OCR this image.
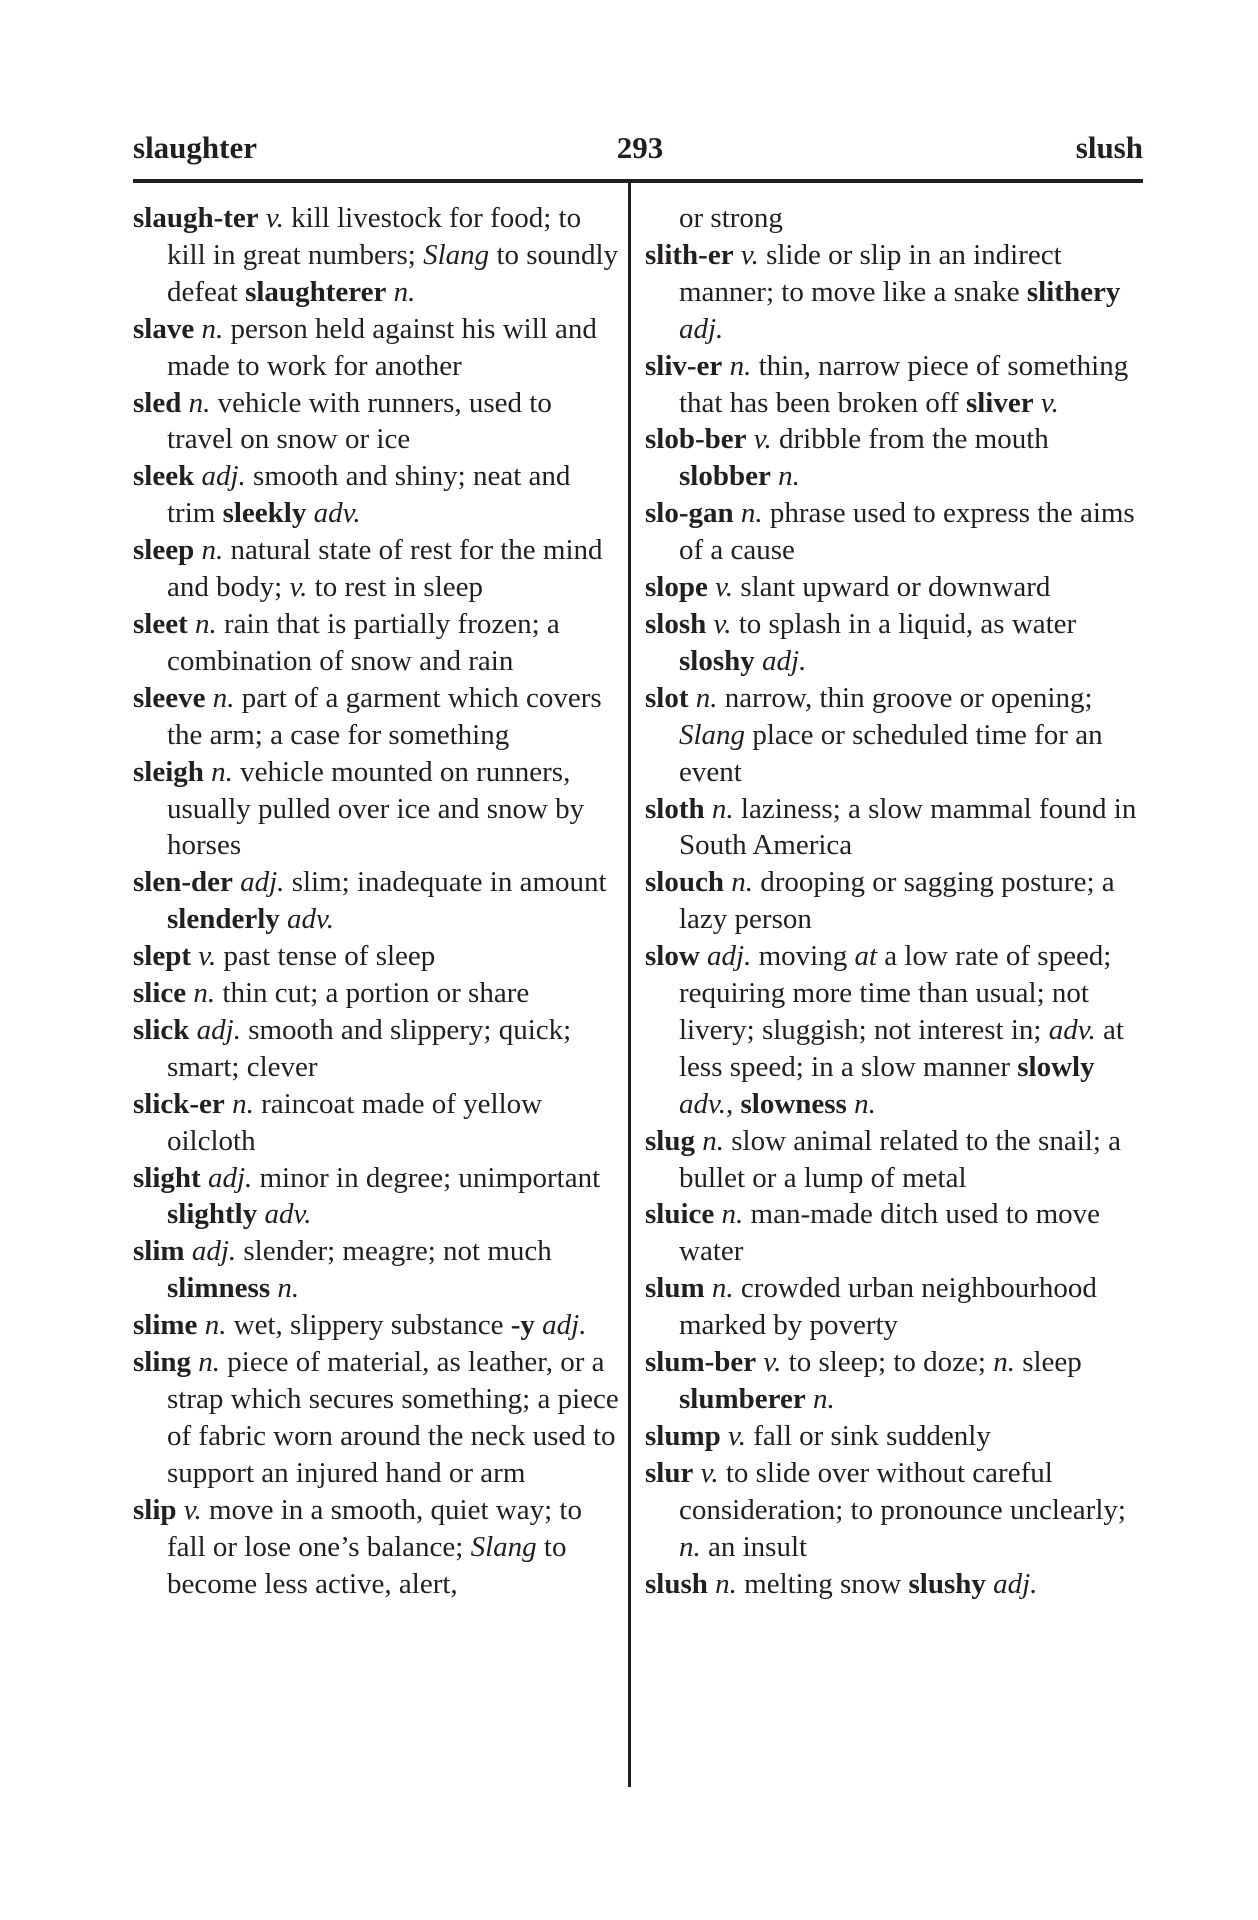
slaughter	293	slush

slaugh-ter v. kill livestock for food; to kill in great numbers; Slang to soundly defeat slaughterer n.

slave n. person held against his will and made to work for another

sled n. vehicle with runners, used to travel on snow or ice

sleek adj. smooth and shiny; neat and trim sleekly adv.

sleep n. natural state of rest for the mind and body; v. to rest in sleep

sleet n. rain that is partially frozen; a combination of snow and rain

sleeve n. part of a garment which covers the arm; a case for something

sleigh n. vehicle mounted on runners, usually pulled over ice and snow by horses

slen-der adj. slim; inadequate in amount slenderly adv.

slept v. past tense of sleep

slice n. thin cut; a portion or share

slick adj. smooth and slippery; quick; smart; clever

slick-er n. raincoat made of yellow oilcloth

slight adj. minor in degree; unimportant slightly adv.

slim adj. slender; meagre; not much slimness n.

slime n. wet, slippery substance -y adj.

sling n. piece of material, as leather, or a strap which secures something; a piece of fabric worn around the neck used to support an injured hand or arm

slip v. move in a smooth, quiet way; to fall or lose one’s balance; Slang to become less active, alert,

or strong

slith-er v. slide or slip in an indirect manner; to move like a snake slithery adj.

sliv-er n. thin, narrow piece of something that has been broken off sliver v.

slob-ber v. dribble from the mouth slobber n.

slo-gan n. phrase used to express the aims of a cause

slope v. slant upward or downward

slosh v. to splash in a liquid, as water sloshy adj.

slot n. narrow, thin groove or opening; Slang place or scheduled time for an event

sloth n. laziness; a slow mammal found in South America

slouch n. drooping or sagging posture; a lazy person

slow adj. moving at a low rate of speed; requiring more time than usual; not livery; sluggish; not interest in; adv. at less speed; in a slow manner slowly adv., slowness n.

slug n. slow animal related to the snail; a bullet or a lump of metal

sluice n. man-made ditch used to move water

slum n. crowded urban neighbourhood marked by poverty

slum-ber v. to sleep; to doze; n. sleep slumberer n.

slump v. fall or sink suddenly

slur v. to slide over without careful consideration; to pronounce unclearly; n. an insult

slush n. melting snow slushy adj.
